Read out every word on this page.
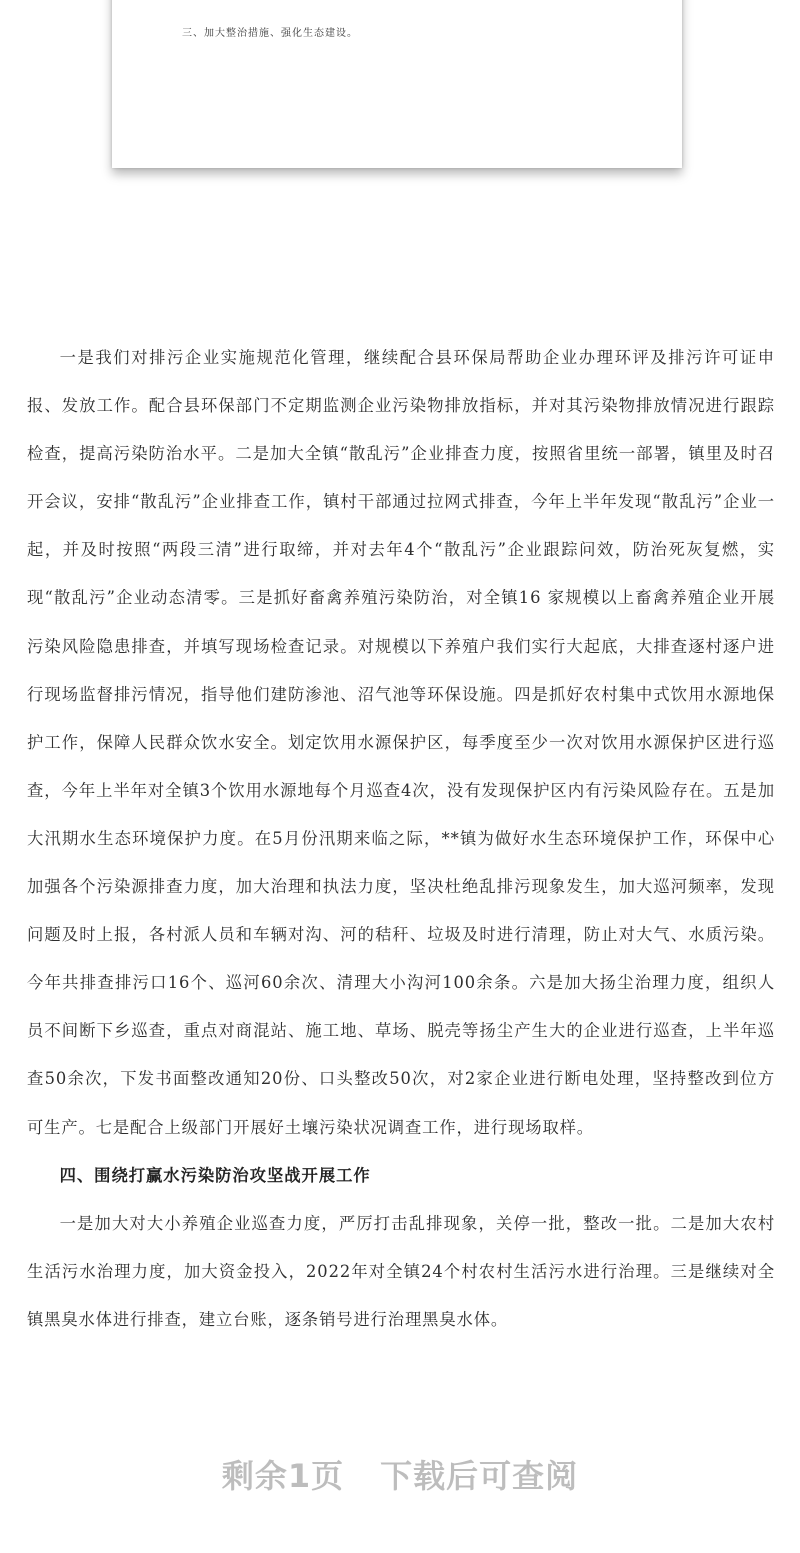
三、加大整治措施、强化生态建设。

一是我们对排污企业实施规范化管理，继续配合县环保局帮助企业办理环评及排污许可证申报、发放工作。配合县环保部门不定期监测企业污染物排放指标，并对其污染物排放情况进行跟踪检查，提高污染防治水平。二是加大全镇“散乱污”企业排查力度，按照省里统一部署，镇里及时召开会议，安排“散乱污”企业排查工作，镇村干部通过拉网式排查，今年上半年发现“散乱污”企业一起，并及时按照“两段三清”进行取缔，并对去年4个“散乱污”企业跟踪问效，防治死灰复燃，实现“散乱污”企业动态清零。三是抓好畜禽养殖污染防治，对全镇16 家规模以上畜禽养殖企业开展污染风险隐患排查，并填写现场检查记录。对规模以下养殖户我们实行大起底，大排查逐村逐户进行现场监督排污情况，指导他们建防渗池、沼气池等环保设施。四是抓好农村集中式饮用水源地保护工作，保障人民群众饮水安全。划定饮用水源保护区，每季度至少一次对饮用水源保护区进行巡查，今年上半年对全镇3个饮用水源地每个月巡查4次，没有发现保护区内有污染风险存在。五是加大汛期水生态环境保护力度。在5月份汛期来临之际，**镇为做好水生态环境保护工作，环保中心加强各个污染源排查力度，加大治理和执法力度，坚决杜绝乱排污现象发生，加大巡河频率，发现问题及时上报，各村派人员和车辆对沟、河的秸秆、垃圾及时进行清理，防止对大气、水质污染。今年共排查排污口16个、巡河60余次、清理大小沟河100余条。六是加大扬尘治理力度，组织人员不间断下乡巡查，重点对商混站、施工地、草场、脱壳等扬尘产生大的企业进行巡查，上半年巡查50余次，下发书面整改通知20份、口头整改50次，对2家企业进行断电处理，坚持整改到位方可生产。七是配合上级部门开展好土壤污染状况调查工作，进行现场取样。

四、围绕打赢水污染防治攻坚战开展工作

一是加大对大小养殖企业巡查力度，严厉打击乱排现象，关停一批，整改一批。二是加大农村生活污水治理力度，加大资金投入，2022年对全镇24个村农村生活污水进行治理。三是继续对全镇黑臭水体进行排查，建立台账，逐条销号进行治理黑臭水体。

剩余1页 下载后可查阅
